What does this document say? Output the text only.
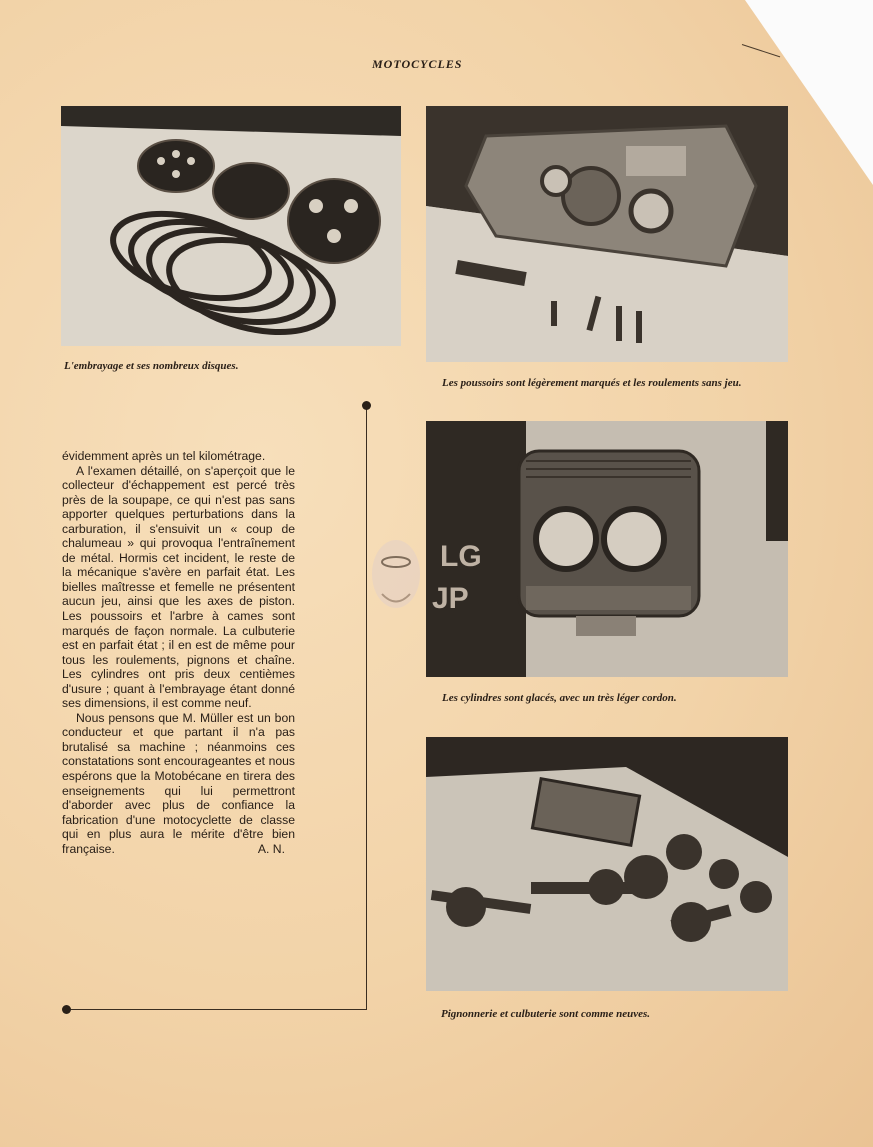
MOTOCYCLES
L'embrayage et ses nombreux disques.
Les poussoirs sont légèrement marqués et les roulements sans jeu.
Les cylindres sont glacés, avec un très léger cordon.
Pignonnerie et culbuterie sont comme neuves.

évidemment après un tel kilométrage.

A l'examen détaillé, on s'aperçoit que le collecteur d'échappement est percé très près de la soupape, ce qui n'est pas sans apporter quelques perturbations dans la carburation, il s'ensuivit un « coup de chalumeau » qui provoqua l'entraînement de métal. Hormis cet incident, le reste de la mécanique s'avère en parfait état. Les bielles maîtresse et femelle ne présentent aucun jeu, ainsi que les axes de piston. Les poussoirs et l'arbre à cames sont marqués de façon normale. La culbuterie est en parfait état ; il en est de même pour tous les roulements, pignons et chaîne. Les cylindres ont pris deux centièmes d'usure ; quant à l'embrayage étant donné ses dimensions, il est comme neuf.

Nous pensons que M. Müller est un bon conducteur et que partant il n'a pas brutalisé sa machine ; néanmoins ces constatations sont encourageantes et nous espérons que la Motobécane en tirera des enseignements qui lui permettront d'aborder avec plus de confiance la fabrication d'une motocyclette de classe qui en plus aura le mérite d'être bien française.	A. N.

LG
JP
